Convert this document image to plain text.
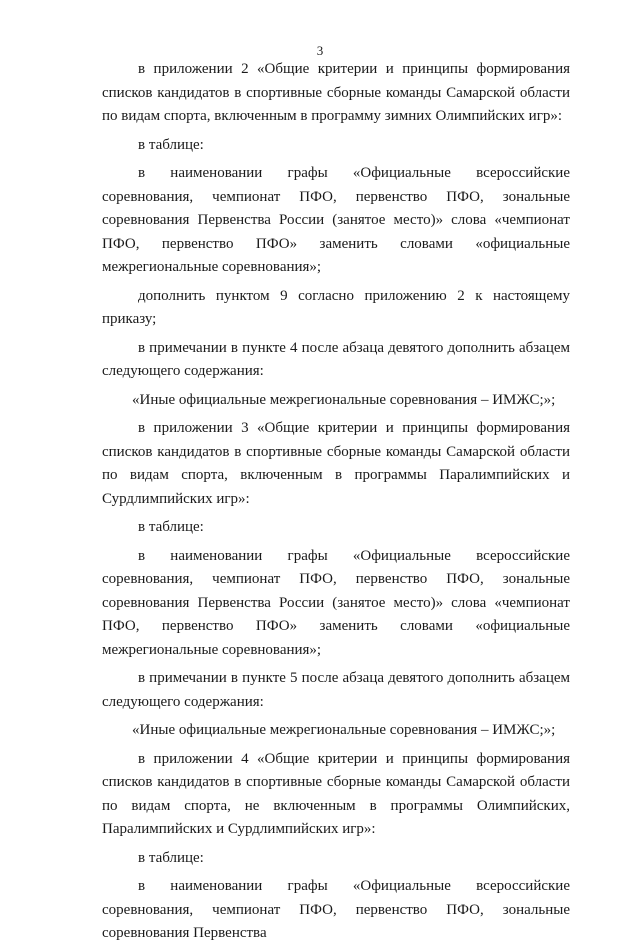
3

в приложении 2 «Общие критерии и принципы формирования списков кандидатов в спортивные сборные команды Самарской области по видам спорта, включенным в программу зимних Олимпийских игр»:

в таблице:

в наименовании графы «Официальные всероссийские соревнования, чемпионат ПФО, первенство ПФО, зональные соревнования Первенства России (занятое место)» слова «чемпионат ПФО, первенство ПФО» заменить словами «официальные межрегиональные соревнования»;

дополнить пунктом 9 согласно приложению 2 к настоящему приказу;

в примечании в пункте 4 после абзаца девятого дополнить абзацем следующего содержания:

«Иные официальные межрегиональные соревнования – ИМЖС;»;

в приложении 3 «Общие критерии и принципы формирования списков кандидатов в спортивные сборные команды Самарской области по видам спорта, включенным в программы Паралимпийских и Сурдлимпийских игр»:

в таблице:

в наименовании графы «Официальные всероссийские соревнования, чемпионат ПФО, первенство ПФО, зональные соревнования Первенства России (занятое место)» слова «чемпионат ПФО, первенство ПФО» заменить словами «официальные межрегиональные соревнования»;

в примечании в пункте 5 после абзаца девятого дополнить абзацем следующего содержания:

«Иные официальные межрегиональные соревнования – ИМЖС;»;

в приложении 4 «Общие критерии и принципы формирования списков кандидатов в спортивные сборные команды Самарской области по видам спорта, не включенным в программы Олимпийских, Паралимпийских и Сурдлимпийских игр»:

в таблице:

в наименовании графы «Официальные всероссийские соревнования, чемпионат ПФО, первенство ПФО, зональные соревнования Первенства
